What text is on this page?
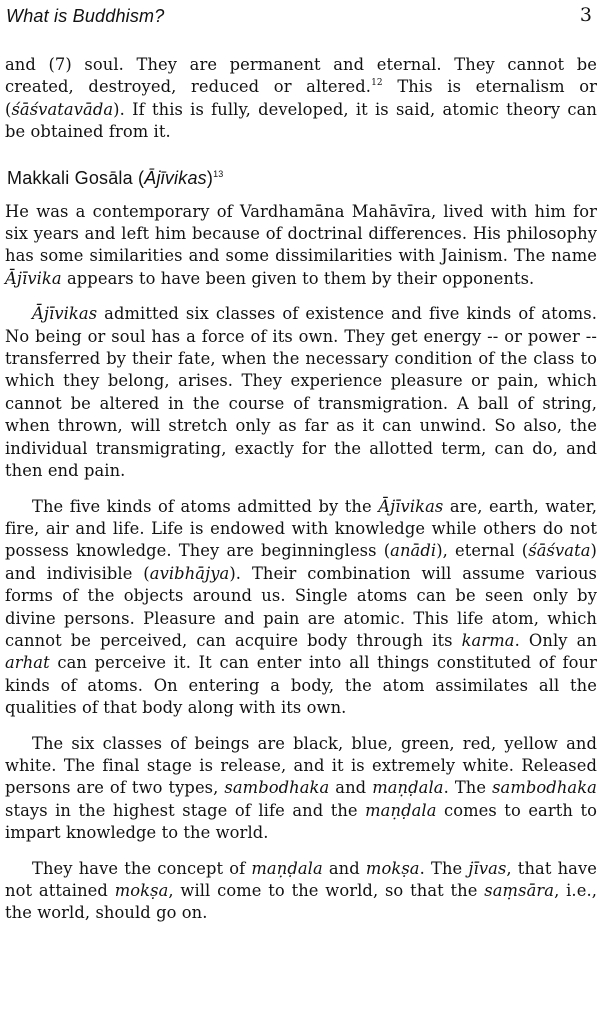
What is Buddhism?	3

and (7) soul. They are permanent and eternal. They cannot be created, destroyed, reduced or altered.$^{12}$ This is eternalism or (śāśvatavāda). If this is fully, developed, it is said, atomic theory can be obtained from it.

Makkali Gosāla (Ājīvikas)$^{13}$

He was a contemporary of Vardhamāna Mahāvīra, lived with him for six years and left him because of doctrinal differences. His philosophy has some similarities and some dissimilarities with Jainism. The name Ājīvika appears to have been given to them by their opponents.

Ājīvikas admitted six classes of existence and five kinds of atoms. No being or soul has a force of its own. They get energy -- or power -- transferred by their fate, when the necessary condition of the class to which they belong, arises. They experience pleasure or pain, which cannot be altered in the course of transmigration. A ball of string, when thrown, will stretch only as far as it can unwind. So also, the individual transmigrating, exactly for the allotted term, can do, and then end pain.

The five kinds of atoms admitted by the Ājīvikas are, earth, water, fire, air and life. Life is endowed with knowledge while others do not possess knowledge. They are beginningless (anādi), eternal (śāśvata) and indivisible (avibhājya). Their combination will assume various forms of the objects around us. Single atoms can be seen only by divine persons. Pleasure and pain are atomic. This life atom, which cannot be perceived, can acquire body through its karma. Only an arhat can perceive it. It can enter into all things constituted of four kinds of atoms. On entering a body, the atom assimilates all the qualities of that body along with its own.

The six classes of beings are black, blue, green, red, yellow and white. The final stage is release, and it is extremely white. Released persons are of two types, sambodhaka and maṇḍala. The sambodhaka stays in the highest stage of life and the maṇḍala comes to earth to impart knowledge to the world.

They have the concept of maṇḍala and mokṣa. The jīvas, that have not attained mokṣa, will come to the world, so that the saṃsāra, i.e., the world, should go on.
